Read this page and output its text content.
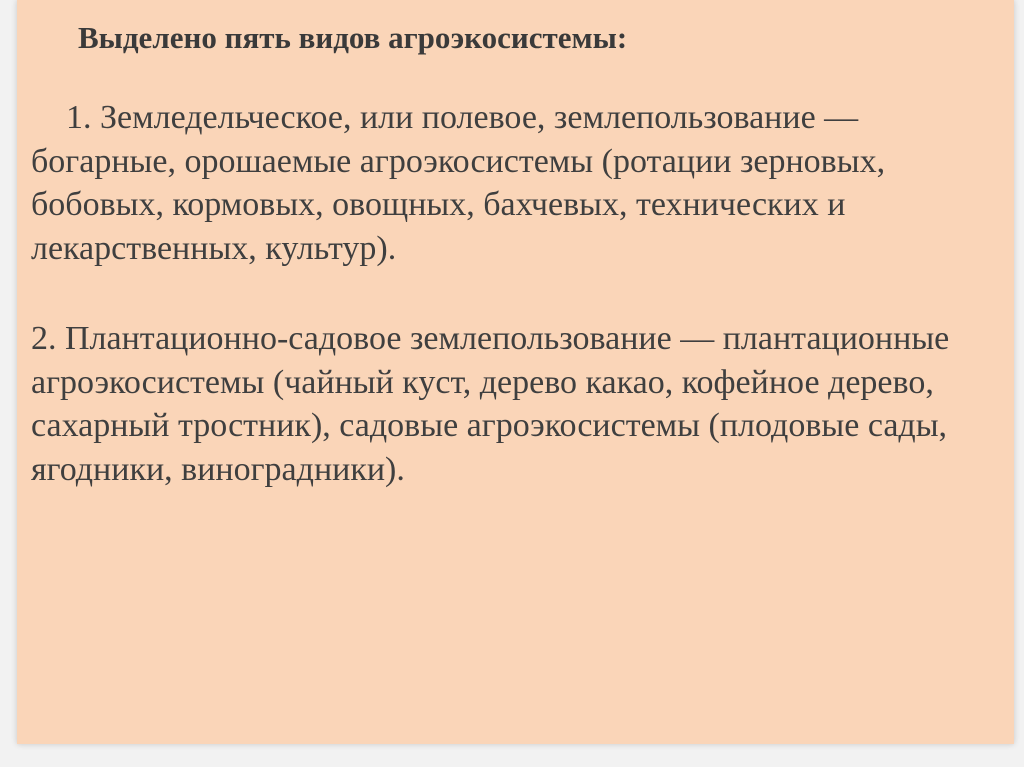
Выделено пять видов агроэкосистемы:

1. Земледельческое, или полевое, землепользование — богарные, орошаемые агроэкосистемы (ротации зерновых, бобовых, кормовых, овощных, бахчевых, технических и лекарственных, культур).

2. Плантационно-садовое землепользование — плантационные агроэкосистемы (чайный куст, дерево какао, кофейное дерево, сахарный тростник), садовые агроэкосистемы (плодовые сады, ягодники, виноградники).
